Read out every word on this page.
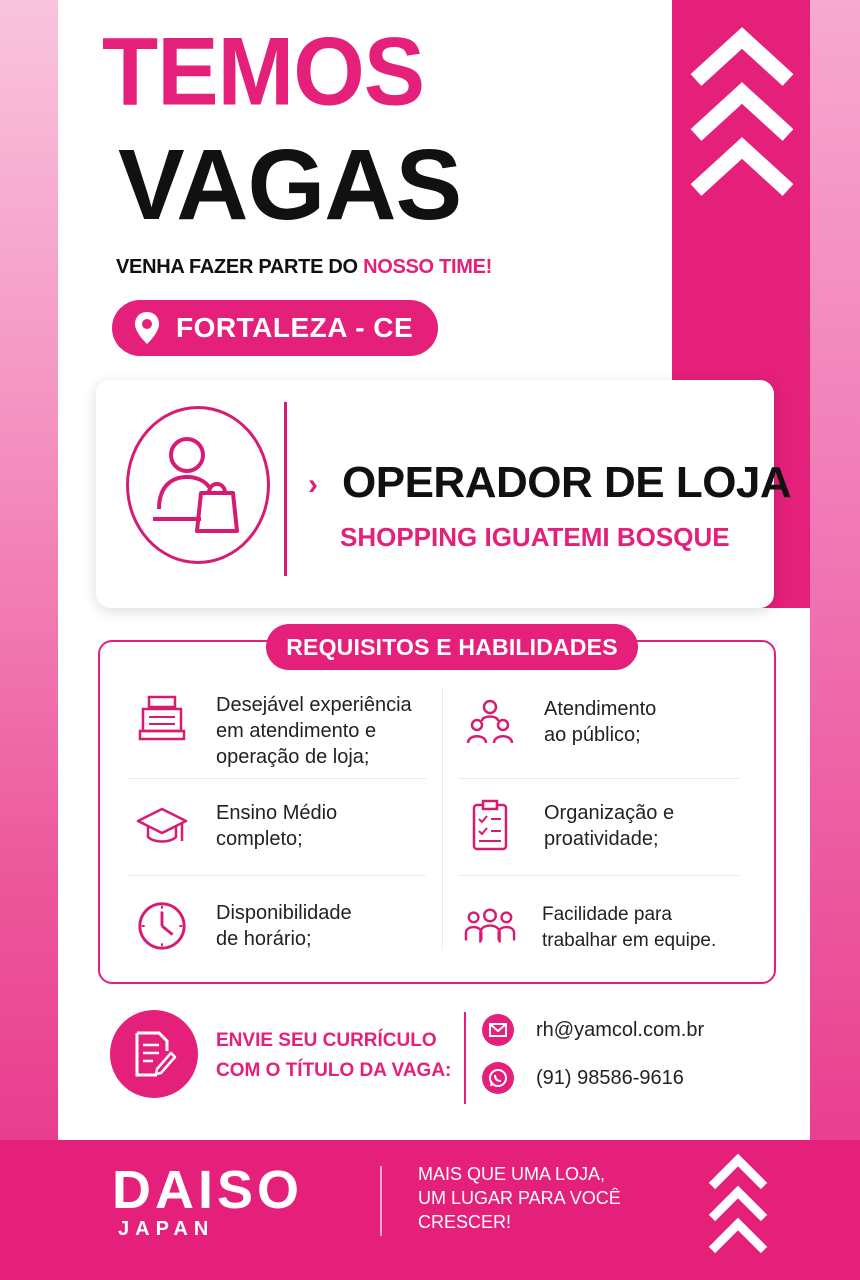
TEMOS
VAGAS
VENHA FAZER PARTE DO NOSSO TIME!
FORTALEZA - CE
› OPERADOR DE LOJA
SHOPPING IGUATEMI BOSQUE
REQUISITOS E HABILIDADES
Desejável experiência
em atendimento e
operação de loja;
Atendimento
ao público;
Ensino Médio
completo;
Organização e
proatividade;
Disponibilidade
de horário;
Facilidade para
trabalhar em equipe.
ENVIE SEU CURRÍCULO
COM O TÍTULO DA VAGA:
rh@yamcol.com.br
(91) 98586-9616
DAISO
JAPAN
MAIS QUE UMA LOJA,
UM LUGAR PARA VOCÊ
CRESCER!
